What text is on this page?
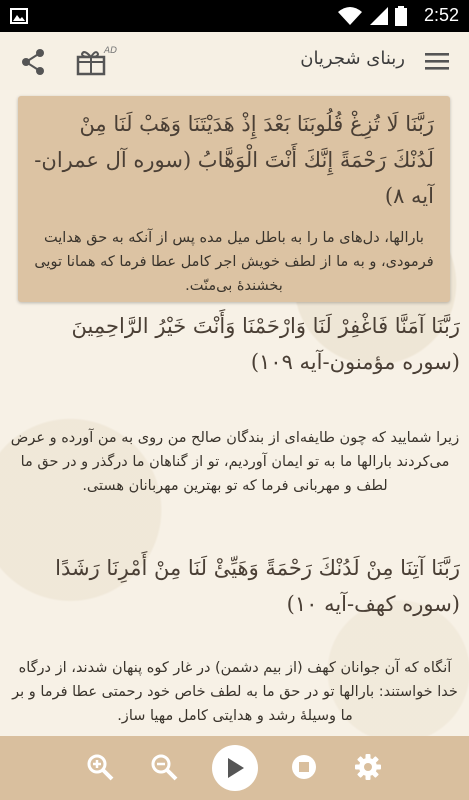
x	2:52
AD	ربنای شجریان
رَبَّنَا لَا تُزِغْ قُلُوبَنَا بَعْدَ إِذْ هَدَيْتَنَا وَهَبْ لَنَا مِنْ لَدُنْكَ رَحْمَةً إِنَّكَ أَنْتَ الْوَهَّابُ (سوره آل عمران-آیه ۸)
بارالها، دل‌های ما را به باطل میل مده پس از آنکه به حق هدایت فرمودی، و به ما از لطف خویش اجر کامل عطا فرما که همانا تویی بخشندهٔ بی‌منّت.
رَبَّنَا آمَنَّا فَاغْفِرْ لَنَا وَارْحَمْنَا وَأَنْتَ خَيْرُ الرَّاحِمِينَ (سوره مؤمنون-آیه ۱۰۹)
زیرا شمایید که چون طایفه‌ای از بندگان صالح من روی به من آورده و عرض می‌کردند بارالها ما به تو ایمان آوردیم، تو از گناهان ما درگذر و در حق ما لطف و مهربانی فرما که تو بهترین مهربانان هستی.
رَبَّنَا آتِنَا مِنْ لَدُنْكَ رَحْمَةً وَهَيِّئْ لَنَا مِنْ أَمْرِنَا رَشَدًا (سوره کهف-آیه ۱۰)
آنگاه که آن جوانان کهف (از بیم دشمن) در غار کوه پنهان شدند، از درگاه خدا خواستند: بارالها تو در حق ما به لطف خاص خود رحمتی عطا فرما و بر ما وسیلهٔ رشد و هدایتی کامل مهیا ساز.
